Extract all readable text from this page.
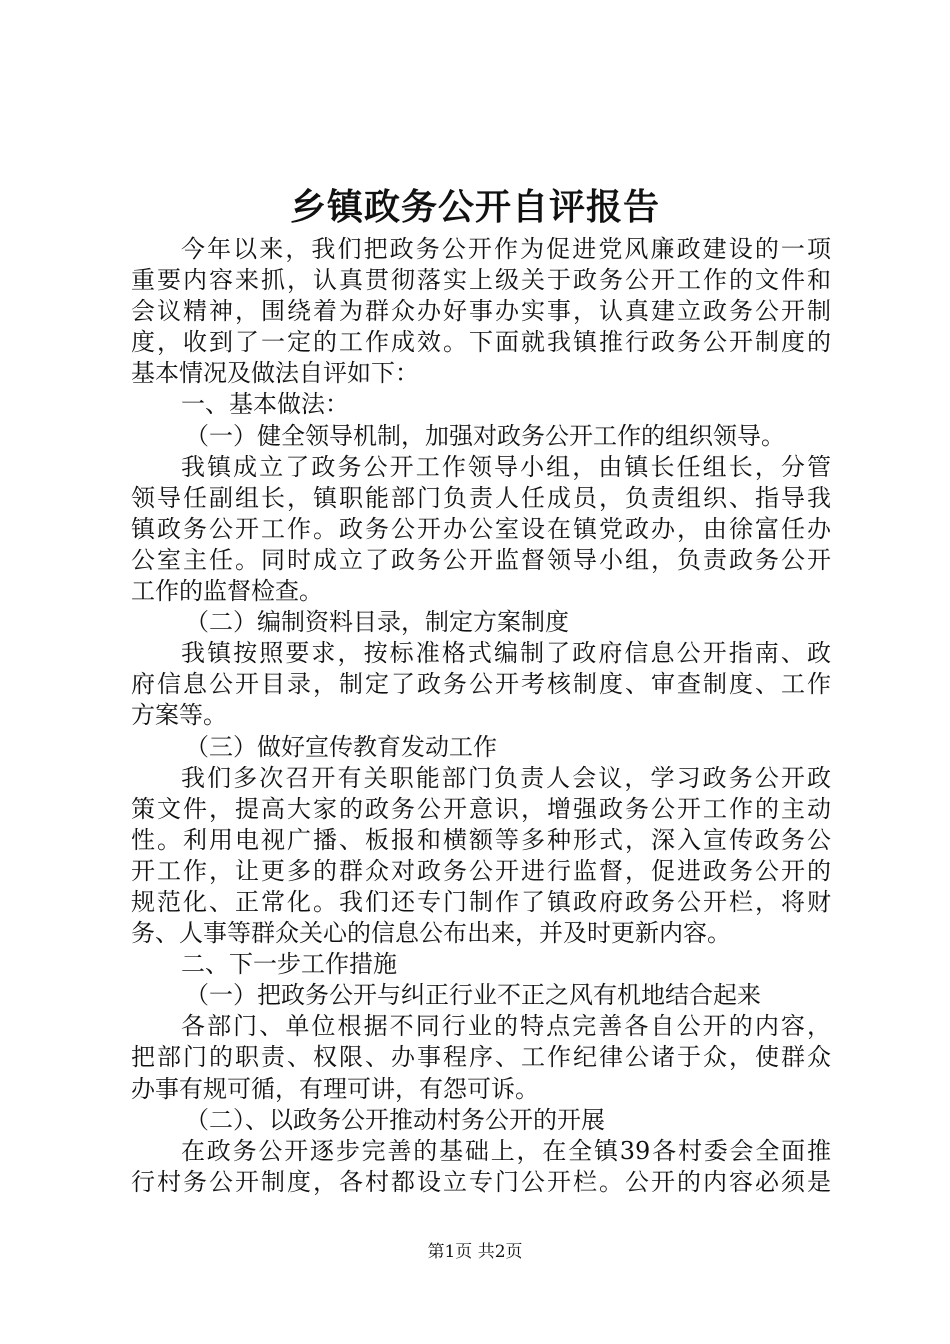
乡镇政务公开自评报告
今年以来，我们把政务公开作为促进党风廉政建设的一项
重要内容来抓，认真贯彻落实上级关于政务公开工作的文件和
会议精神，围绕着为群众办好事办实事，认真建立政务公开制
度，收到了一定的工作成效。下面就我镇推行政务公开制度的
基本情况及做法自评如下：
一、基本做法：
（一）健全领导机制，加强对政务公开工作的组织领导。
我镇成立了政务公开工作领导小组，由镇长任组长，分管
领导任副组长，镇职能部门负责人任成员，负责组织、指导我
镇政务公开工作。政务公开办公室设在镇党政办，由徐富任办
公室主任。同时成立了政务公开监督领导小组，负责政务公开
工作的监督检查。
（二）编制资料目录，制定方案制度
我镇按照要求，按标准格式编制了政府信息公开指南、政
府信息公开目录，制定了政务公开考核制度、审查制度、工作
方案等。
（三）做好宣传教育发动工作
我们多次召开有关职能部门负责人会议，学习政务公开政
策文件，提高大家的政务公开意识，增强政务公开工作的主动
性。利用电视广播、板报和横额等多种形式，深入宣传政务公
开工作，让更多的群众对政务公开进行监督，促进政务公开的
规范化、正常化。我们还专门制作了镇政府政务公开栏，将财
务、人事等群众关心的信息公布出来，并及时更新内容。
二、下一步工作措施
（一）把政务公开与纠正行业不正之风有机地结合起来
各部门、单位根据不同行业的特点完善各自公开的内容，
把部门的职责、权限、办事程序、工作纪律公诸于众，使群众
办事有规可循，有理可讲，有怨可诉。
（二）、以政务公开推动村务公开的开展
在政务公开逐步完善的基础上，在全镇39各村委会全面推
行村务公开制度，各村都设立专门公开栏。公开的内容必须是
第1页 共2页
